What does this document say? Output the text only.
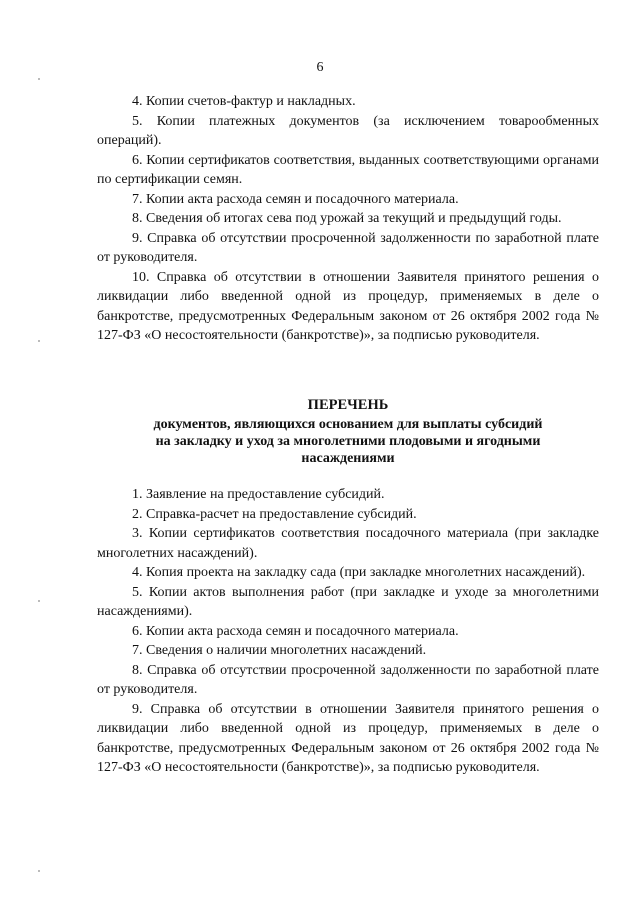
6

4. Копии счетов-фактур и накладных.

5. Копии платежных документов (за исключением товарообменных операций).

6. Копии сертификатов соответствия, выданных соответствующими органами по сертификации семян.

7. Копии акта расхода семян и посадочного материала.

8. Сведения об итогах сева под урожай за текущий и предыдущий годы.

9. Справка об отсутствии просроченной задолженности по заработной плате от руководителя.

10. Справка об отсутствии в отношении Заявителя принятого решения о ликвидации либо введенной одной из процедур, применяемых в деле о банкротстве, предусмотренных Федеральным законом от 26 октября 2002 года № 127-ФЗ «О несостоятельности (банкротстве)», за подписью руководителя.

ПЕРЕЧЕНЬ
документов, являющихся основанием для выплаты субсидий
на закладку и уход за многолетними плодовыми и ягодными
насаждениями

1. Заявление на предоставление субсидий.

2. Справка-расчет на предоставление субсидий.

3. Копии сертификатов соответствия посадочного материала (при закладке многолетних насаждений).

4. Копия проекта на закладку сада (при закладке многолетних насаждений).

5. Копии актов выполнения работ (при закладке и уходе за многолетними насаждениями).

6. Копии акта расхода семян и посадочного материала.

7. Сведения о наличии многолетних насаждений.

8. Справка об отсутствии просроченной задолженности по заработной плате от руководителя.

9. Справка об отсутствии в отношении Заявителя принятого решения о ликвидации либо введенной одной из процедур, применяемых в деле о банкротстве, предусмотренных Федеральным законом от 26 октября 2002 года № 127-ФЗ «О несостоятельности (банкротстве)», за подписью руководителя.
